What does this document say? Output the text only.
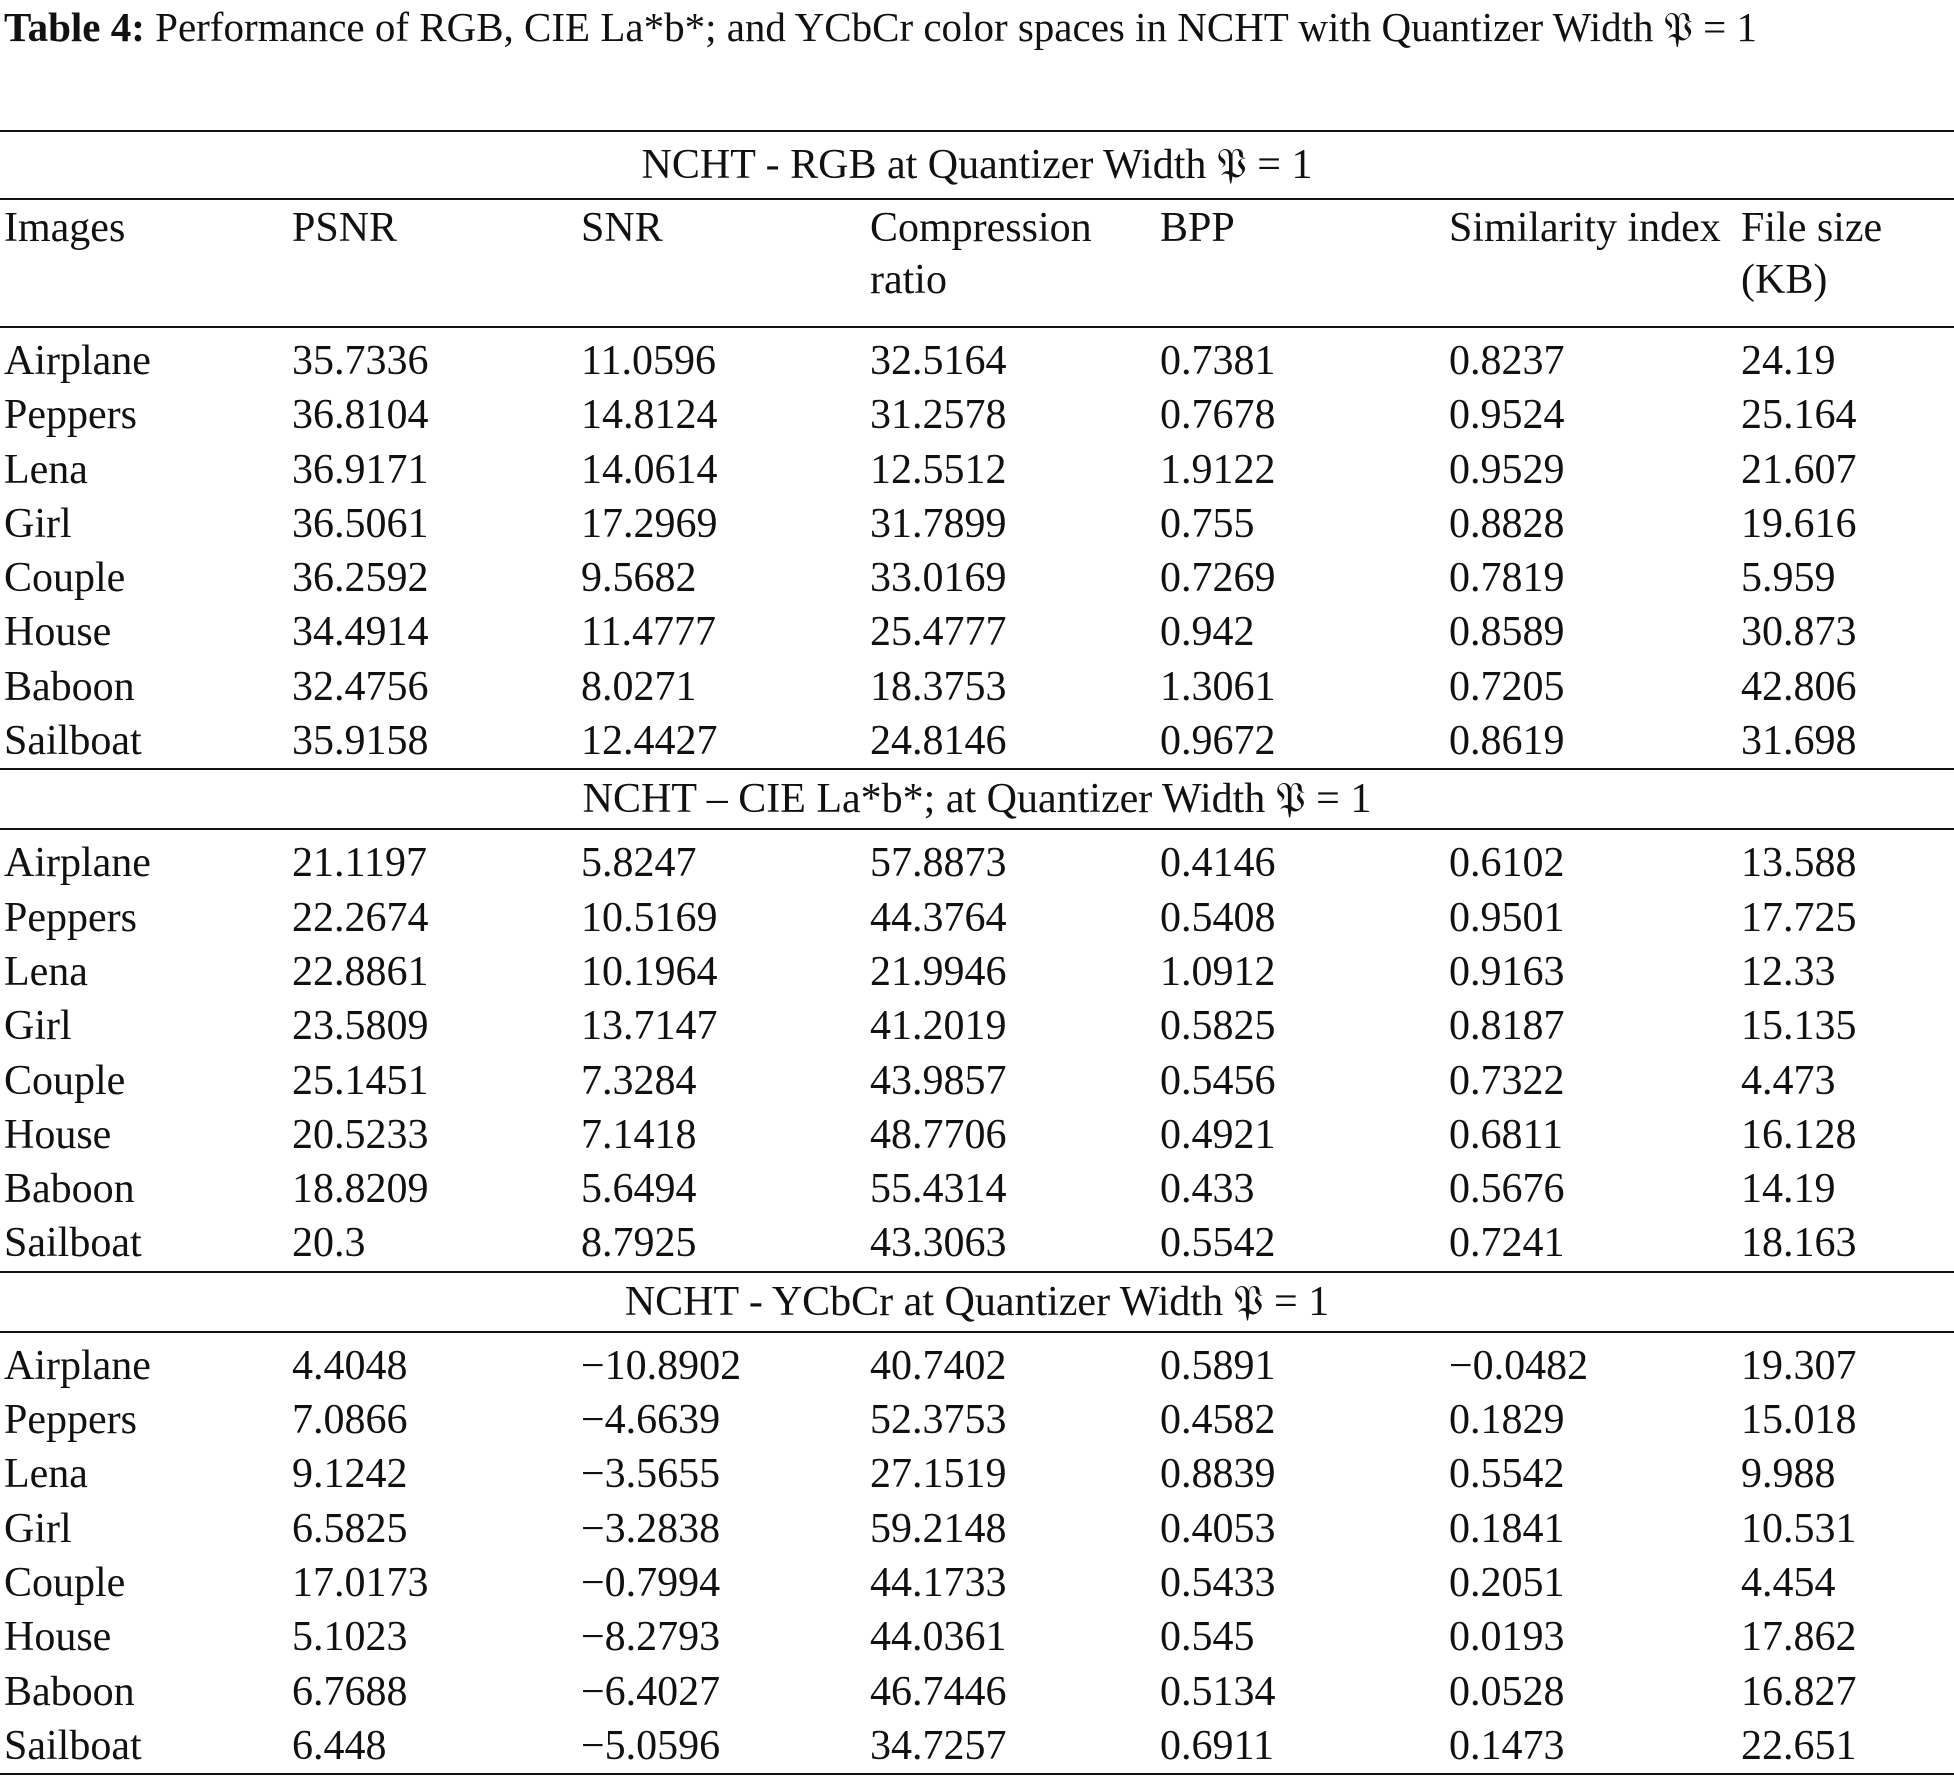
Table 4: Performance of RGB, CIE La*b*; and YCbCr color spaces in NCHT with Quantizer Width 𝔓 = 1
NCHT - RGB at Quantizer Width 𝔓 = 1						
Images	PSNR	SNR	Compression ratio	BPP	Similarity index	File size (KB)

Airplane	35.7336	11.0596	32.5164	0.7381	0.8237	24.19
Peppers	36.8104	14.8124	31.2578	0.7678	0.9524	25.164
Lena	36.9171	14.0614	12.5512	1.9122	0.9529	21.607
Girl	36.5061	17.2969	31.7899	0.755	0.8828	19.616
Couple	36.2592	9.5682	33.0169	0.7269	0.7819	5.959
House	34.4914	11.4777	25.4777	0.942	0.8589	30.873
Baboon	32.4756	8.0271	18.3753	1.3061	0.7205	42.806
Sailboat	35.9158	12.4427	24.8146	0.9672	0.8619	31.698
NCHT – CIE La*b*; at Quantizer Width 𝔓 = 1						

Airplane	21.1197	5.8247	57.8873	0.4146	0.6102	13.588
Peppers	22.2674	10.5169	44.3764	0.5408	0.9501	17.725
Lena	22.8861	10.1964	21.9946	1.0912	0.9163	12.33
Girl	23.5809	13.7147	41.2019	0.5825	0.8187	15.135
Couple	25.1451	7.3284	43.9857	0.5456	0.7322	4.473
House	20.5233	7.1418	48.7706	0.4921	0.6811	16.128
Baboon	18.8209	5.6494	55.4314	0.433	0.5676	14.19
Sailboat	20.3	8.7925	43.3063	0.5542	0.7241	18.163
NCHT - YCbCr at Quantizer Width 𝔓 = 1						

Airplane	4.4048	−10.8902	40.7402	0.5891	−0.0482	19.307
Peppers	7.0866	−4.6639	52.3753	0.4582	0.1829	15.018
Lena	9.1242	−3.5655	27.1519	0.8839	0.5542	9.988
Girl	6.5825	−3.2838	59.2148	0.4053	0.1841	10.531
Couple	17.0173	−0.7994	44.1733	0.5433	0.2051	4.454
House	5.1023	−8.2793	44.0361	0.545	0.0193	17.862
Baboon	6.7688	−6.4027	46.7446	0.5134	0.0528	16.827
Sailboat	6.448	−5.0596	34.7257	0.6911	0.1473	22.651
